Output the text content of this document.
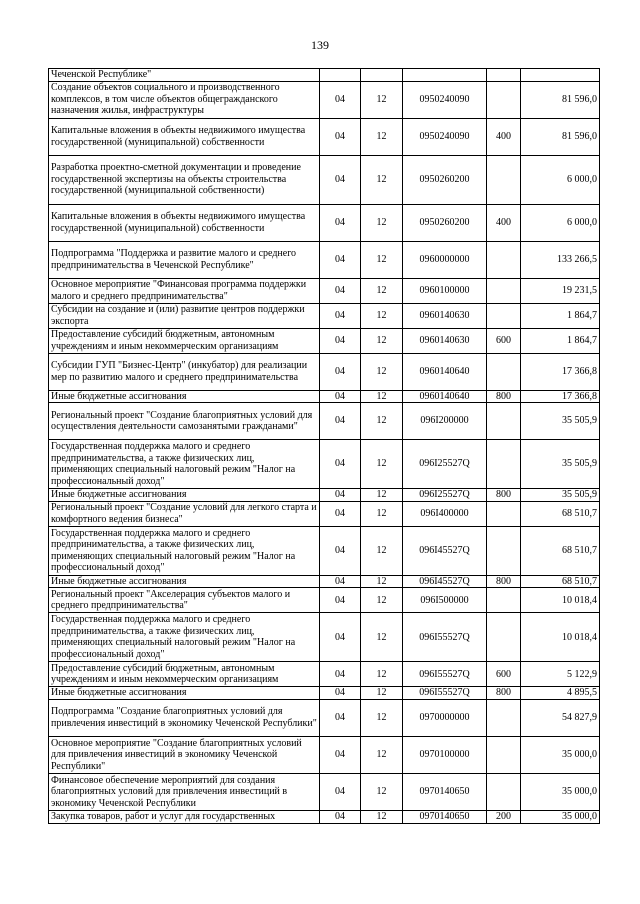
139
Чеченской Республике"					
Создание объектов социального и производственного комплексов, в том числе объектов общегражданского назначения жилья, инфраструктуры	04	12	0950240090		81 596,0
Капитальные вложения в объекты недвижимого имущества государственной (муниципальной) собственности	04	12	0950240090	400	81 596,0
Разработка проектно-сметной документации и проведение государственной экспертизы на объекты строительства государственной (муниципальной собственности)	04	12	0950260200		6 000,0
Капитальные вложения в объекты недвижимого имущества государственной (муниципальной) собственности	04	12	0950260200	400	6 000,0
Подпрограмма "Поддержка и развитие малого и среднего предпринимательства в Чеченской Республике"	04	12	0960000000		133 266,5
Основное мероприятие "Финансовая программа поддержки малого и среднего предпринимательства"	04	12	0960100000		19 231,5
Субсидии на создание и (или) развитие центров поддержки экспорта	04	12	0960140630		1 864,7
Предоставление субсидий бюджетным, автономным учреждениям и иным некоммерческим организациям	04	12	0960140630	600	1 864,7
Субсидии ГУП "Бизнес-Центр" (инкубатор) для реализации мер по развитию малого и среднего предпринимательства	04	12	0960140640		17 366,8
Иные бюджетные ассигнования	04	12	0960140640	800	17 366,8
Региональный проект "Создание благоприятных условий для осуществления деятельности самозанятыми гражданами"	04	12	096I200000		35 505,9
Государственная поддержка малого и среднего предпринимательства, а также физических лиц, применяющих специальный налоговый режим "Налог на профессиональный доход"	04	12	096I25527Q		35 505,9
Иные бюджетные ассигнования	04	12	096I25527Q	800	35 505,9
Региональный проект "Создание условий для легкого старта и комфортного ведения бизнеса"	04	12	096I400000		68 510,7
Государственная поддержка малого и среднего предпринимательства, а также физических лиц, применяющих специальный налоговый режим "Налог на профессиональный доход"	04	12	096I45527Q		68 510,7
Иные бюджетные ассигнования	04	12	096I45527Q	800	68 510,7
Региональный проект "Акселерация субъектов малого и среднего предпринимательства"	04	12	096I500000		10 018,4
Государственная поддержка малого и среднего предпринимательства, а также физических лиц, применяющих специальный налоговый режим "Налог на профессиональный доход"	04	12	096I55527Q		10 018,4
Предоставление субсидий бюджетным, автономным учреждениям и иным некоммерческим организациям	04	12	096I55527Q	600	5 122,9
Иные бюджетные ассигнования	04	12	096I55527Q	800	4 895,5
Подпрограмма "Создание благоприятных условий для привлечения инвестиций в экономику Чеченской Республики"	04	12	0970000000		54 827,9
Основное мероприятие "Создание благоприятных условий для привлечения инвестиций в экономику Чеченской Республики"	04	12	0970100000		35 000,0
Финансовое обеспечение мероприятий для создания благоприятных условий для привлечения инвестиций в экономику Чеченской Республики	04	12	0970140650		35 000,0
Закупка товаров, работ и услуг для государственных	04	12	0970140650	200	35 000,0
